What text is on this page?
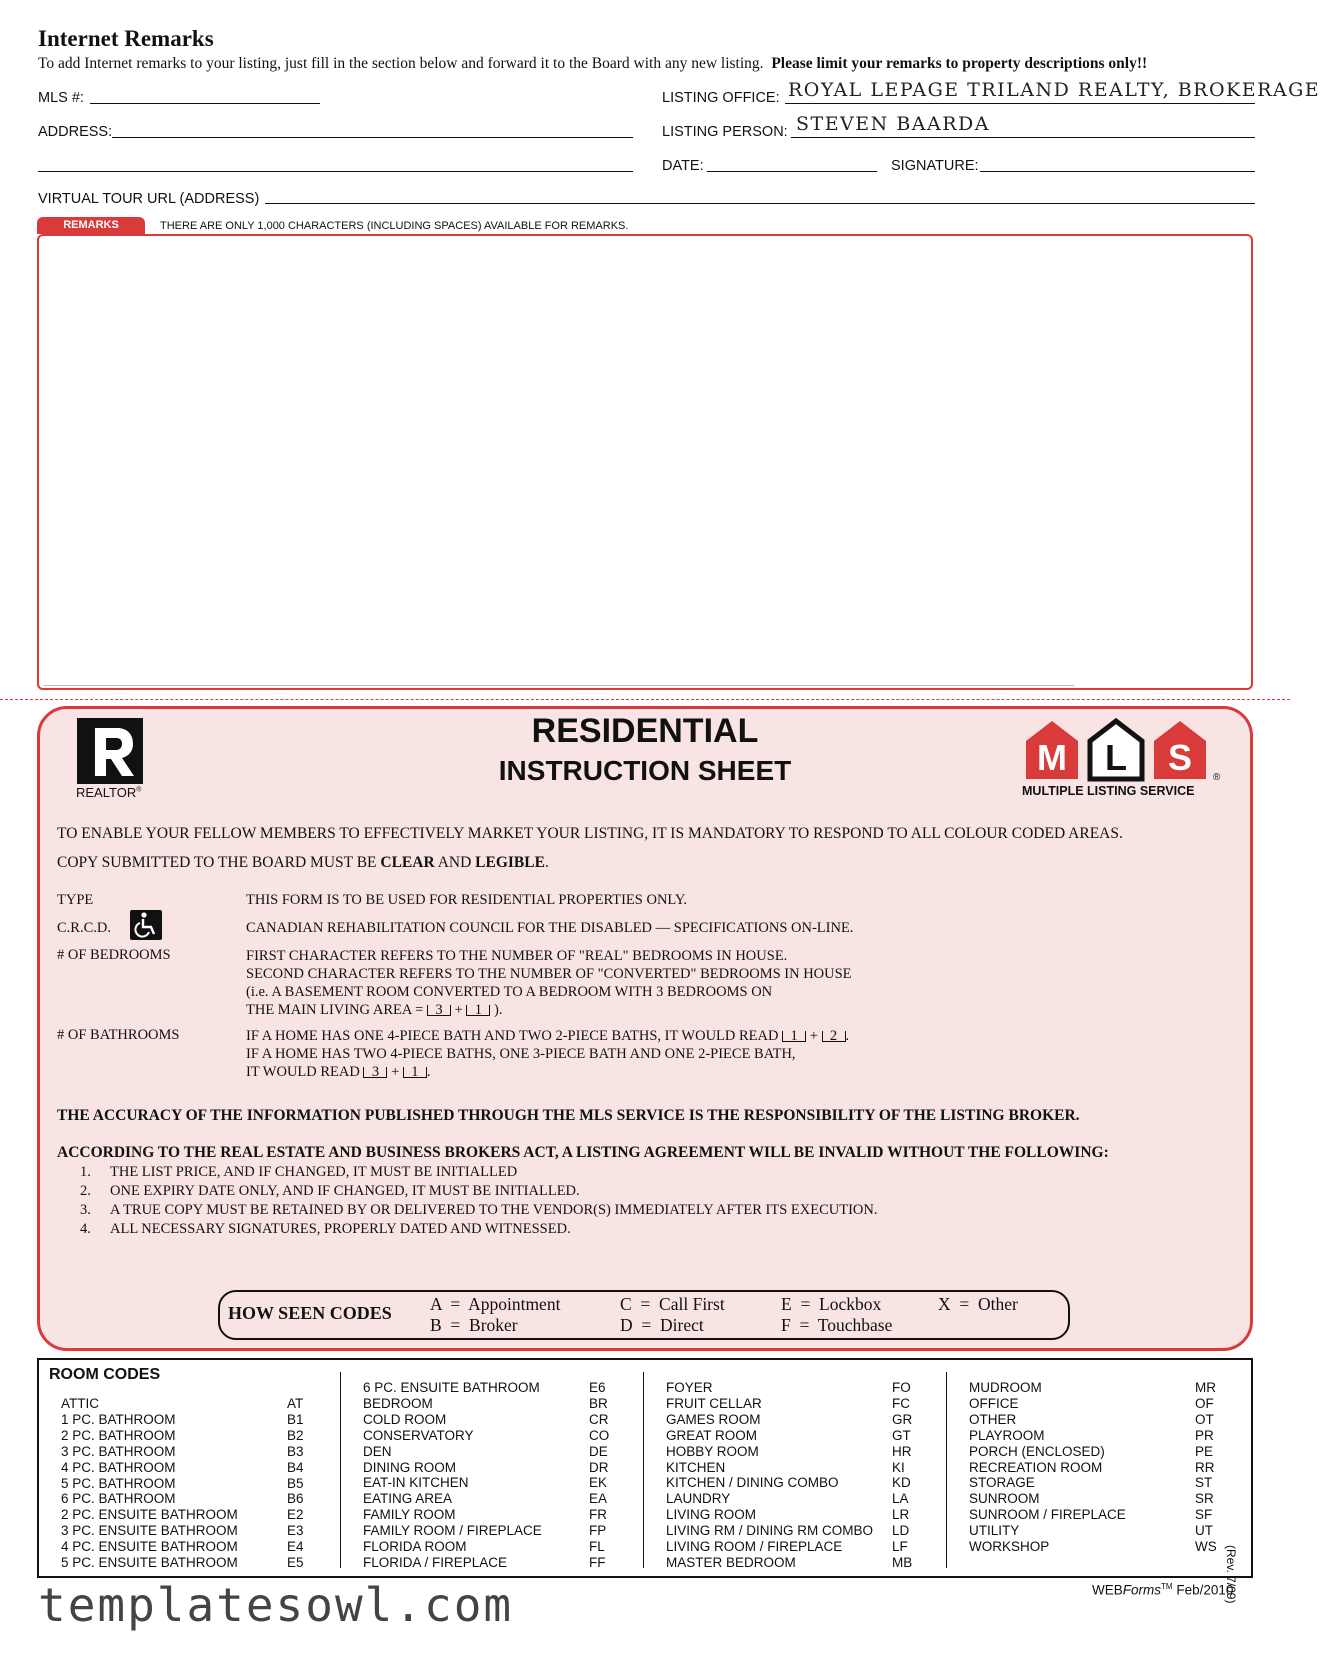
Internet Remarks
To add Internet remarks to your listing, just fill in the section below and forward it to the Board with any new listing. Please limit your remarks to property descriptions only!!
MLS #:	LISTING OFFICE: ROYAL LEPAGE TRILAND REALTY, BROKERAGE
ADDRESS:	LISTING PERSON: STEVEN BAARDA
DATE:	SIGNATURE:
VIRTUAL TOUR URL (ADDRESS)
REMARKS	THERE ARE ONLY 1,000 CHARACTERS (INCLUDING SPACES) AVAILABLE FOR REMARKS.
REALTOR®
RESIDENTIAL
INSTRUCTION SHEET	M	L	S
MULTIPLE LISTING SERVICE
®
TO ENABLE YOUR FELLOW MEMBERS TO EFFECTIVELY MARKET YOUR LISTING, IT IS MANDATORY TO RESPOND TO ALL COLOUR CODED AREAS.
COPY SUBMITTED TO THE BOARD MUST BE CLEAR AND LEGIBLE.
TYPE	THIS FORM IS TO BE USED FOR RESIDENTIAL PROPERTIES ONLY.
C.R.C.D.	CANADIAN REHABILITATION COUNCIL FOR THE DISABLED — SPECIFICATIONS ON-LINE.
# OF BEDROOMS	FIRST CHARACTER REFERS TO THE NUMBER OF "REAL" BEDROOMS IN HOUSE.
SECOND CHARACTER REFERS TO THE NUMBER OF "CONVERTED" BEDROOMS IN HOUSE
(i.e. A BASEMENT ROOM CONVERTED TO A BEDROOM WITH 3 BEDROOMS ON
THE MAIN LIVING AREA = 3 + 1 ).
# OF BATHROOMS	IF A HOME HAS ONE 4-PIECE BATH AND TWO 2-PIECE BATHS, IT WOULD READ 1 + 2 .
IF A HOME HAS TWO 4-PIECE BATHS, ONE 3-PIECE BATH AND ONE 2-PIECE BATH,
IT WOULD READ 3 + 1 .
THE ACCURACY OF THE INFORMATION PUBLISHED THROUGH THE MLS SERVICE IS THE RESPONSIBILITY OF THE LISTING BROKER.
ACCORDING TO THE REAL ESTATE AND BUSINESS BROKERS ACT, A LISTING AGREEMENT WILL BE INVALID WITHOUT THE FOLLOWING:
1.	THE LIST PRICE, AND IF CHANGED, IT MUST BE INITIALLED
2.	ONE EXPIRY DATE ONLY, AND IF CHANGED, IT MUST BE INITIALLED.
3.	A TRUE COPY MUST BE RETAINED BY OR DELIVERED TO THE VENDOR(S) IMMEDIATELY AFTER ITS EXECUTION.
4.	ALL NECESSARY SIGNATURES, PROPERLY DATED AND WITNESSED.
HOW SEEN CODES A  =  Appointment
B  =  Broker
C  =  Call First
D  =  Direct
E  =  Lockbox
F  =  Touchbase
X  =  Other
ROOM CODES
ATTIC	AT
1 PC. BATHROOM	B1
2 PC. BATHROOM	B2
3 PC. BATHROOM	B3
4 PC. BATHROOM	B4
5 PC. BATHROOM	B5
6 PC. BATHROOM	B6
2 PC. ENSUITE BATHROOM	E2
3 PC. ENSUITE BATHROOM	E3
4 PC. ENSUITE BATHROOM	E4
5 PC. ENSUITE BATHROOM	E5
6 PC. ENSUITE BATHROOM	E6
BEDROOM	BR
COLD ROOM	CR
CONSERVATORY	CO
DEN	DE
DINING ROOM	DR
EAT-IN KITCHEN	EK
EATING AREA	EA
FAMILY ROOM	FR
FAMILY ROOM / FIREPLACE	FP
FLORIDA ROOM	FL
FLORIDA / FIREPLACE	FF
FOYER	FO
FRUIT CELLAR	FC
GAMES ROOM	GR
GREAT ROOM	GT
HOBBY ROOM	HR
KITCHEN	KI
KITCHEN / DINING COMBO	KD
LAUNDRY	LA
LIVING ROOM	LR
LIVING RM / DINING RM COMBO LD
LIVING ROOM / FIREPLACE	LF
MASTER BEDROOM	MB
MUDROOM	MR
OFFICE	OF
OTHER	OT
PLAYROOM	PR
PORCH (ENCLOSED)	PE
RECREATION ROOM	RR
STORAGE	ST
SUNROOM	SR
SUNROOM / FIREPLACE	SF
UTILITY	UT
WORKSHOP	WS (Rev. 7/09)
WEBForms™ Feb/2010
templatesowl.com
